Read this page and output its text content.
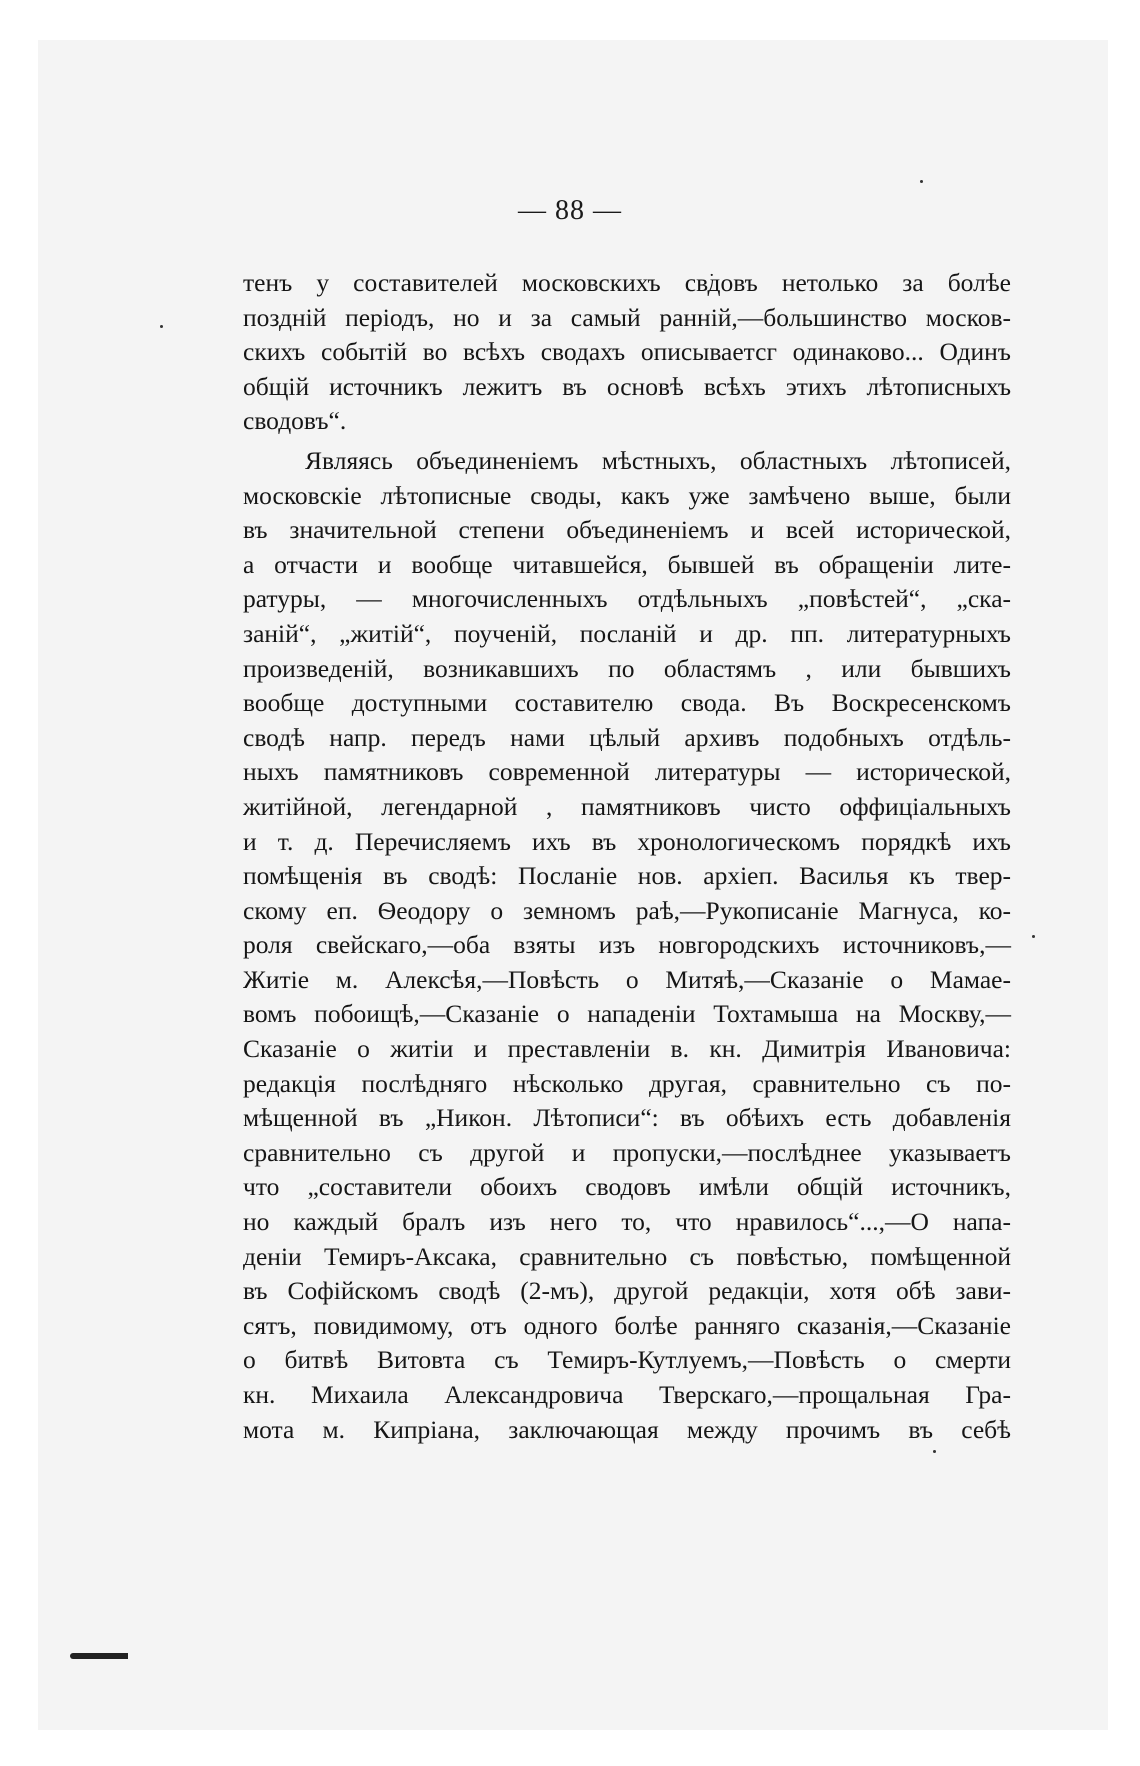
— 88 —
тенъ у составителей московскихъ св͘довъ нетолько за болѣе
поздній періодъ, но и за самый ранній,—большинство москов-
скихъ событій во всѣхъ сводахъ описываетсг одинаково... Одинъ
общій источникъ лежитъ въ основѣ всѣхъ этихъ лѣтописныхъ
сводовъ“.
Являясь объединеніемъ мѣстныхъ, областныхъ лѣтописей,
московскіе лѣтописные своды, какъ уже замѣчено выше, были
въ значительной степени объединеніемъ и всей исторической,
а отчасти и вообще читавшейся, бывшей въ обращеніи лите-
ратуры, — многочисленныхъ отдѣльныхъ „повѣстей“, „ска-
заній“, „житій“, поученій, посланій и др. пп. литературныхъ
произведеній, возникавшихъ по областямъ , или бывшихъ
вообще доступными составителю свода. Въ Воскресенскомъ
сводѣ напр. передъ нами цѣлый архивъ подобныхъ отдѣль-
ныхъ памятниковъ современной литературы — исторической,
житійной, легендарной , памятниковъ чисто оффиціальныхъ
и т. д. Перечисляемъ ихъ въ хронологическомъ порядкѣ ихъ
помѣщенія въ сводѣ: Посланіе нов. архіеп. Василья къ твер-
скому еп. Ѳеодору о земномъ раѣ,—Рукописаніе Магнуса, ко-
роля свейскаго,—оба взяты изъ новгородскихъ источниковъ,—
Житіе м. Алексѣя,—Повѣсть о Митяѣ,—Сказаніе о Мамае-
вомъ побоищѣ,—Сказаніе о нападеніи Тохтамыша на Москву,—
Сказаніе о житіи и преставленіи в. кн. Димитрія Ивановича:
редакція послѣдняго нѣсколько другая, сравнительно съ по-
мѣщенной въ „Никон. Лѣтописи“: въ обѣихъ есть добавленія
сравнительно съ другой и пропуски,—послѣднее указываетъ
что „составители обоихъ сводовъ имѣли общій источникъ,
но каждый бралъ изъ него то, что нравилось“...,—О напа-
деніи Темиръ-Аксака, сравнительно съ повѣстью, помѣщенной
въ Софійскомъ сводѣ (2-мъ), другой редакціи, хотя обѣ зави-
сятъ, повидимому, отъ одного болѣе ранняго сказанія,—Сказаніе
о битвѣ Витовта съ Темиръ-Кутлуемъ,—Повѣсть о смерти
кн. Михаила Александровича Тверскаго,—прощальная Гра-
мота м. Кипріана, заключающая между прочимъ въ себѣ
